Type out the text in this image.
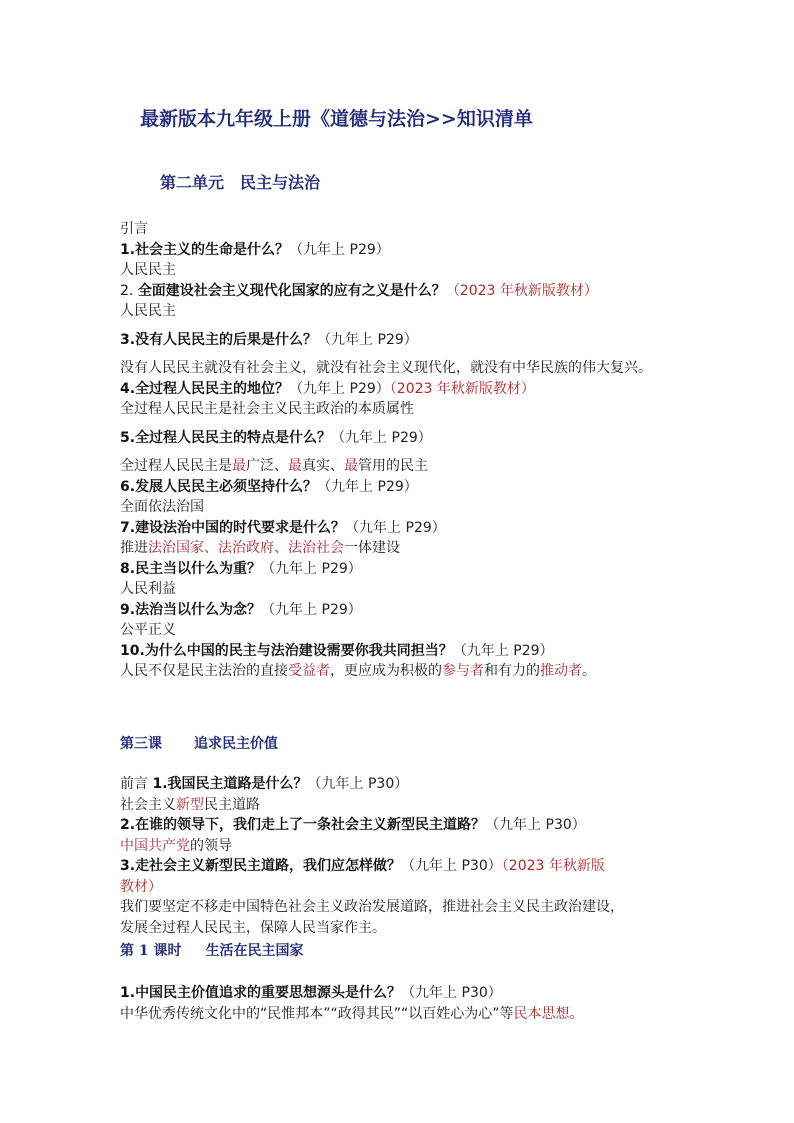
最新版本九年级上册《道德与法治>>知识清单
第二单元 民主与法治
引言
1.社会主义的生命是什么？（九年上 P29）
人民民主
2. 全面建设社会主义现代化国家的应有之义是什么？（2023 年秋新版教材）
人民民主
3.没有人民民主的后果是什么？（九年上 P29）
没有人民民主就没有社会主义，就没有社会主义现代化，就没有中华民族的伟大复兴。
4.全过程人民民主的地位？（九年上 P29）（2023 年秋新版教材）
全过程人民民主是社会主义民主政治的本质属性
5.全过程人民民主的特点是什么？（九年上 P29）
全过程人民民主是最广泛、最真实、最管用的民主
6.发展人民民主必须坚持什么？（九年上 P29）
全面依法治国
7.建设法治中国的时代要求是什么？（九年上 P29）
推进法治国家、法治政府、法治社会一体建设
8.民主当以什么为重？（九年上 P29）
人民利益
9.法治当以什么为念？（九年上 P29）
公平正义
10.为什么中国的民主与法治建设需要你我共同担当？（九年上 P29）
人民不仅是民主法治的直接受益者，更应成为积极的参与者和有力的推动者。
第三课 追求民主价值
前言 1.我国民主道路是什么？（九年上 P30）
社会主义新型民主道路
2.在谁的领导下，我们走上了一条社会主义新型民主道路？（九年上 P30）
中国共产党的领导
3.走社会主义新型民主道路，我们应怎样做？（九年上 P30）（2023 年秋新版
教材）
我们要坚定不移走中国特色社会主义政治发展道路，推进社会主义民主政治建设，
发展全过程人民民主，保障人民当家作主。
第 1 课时 生活在民主国家
1.中国民主价值追求的重要思想源头是什么？（九年上 P30）
中华优秀传统文化中的“民惟邦本”“政得其民”“以百姓心为心”等民本思想。
